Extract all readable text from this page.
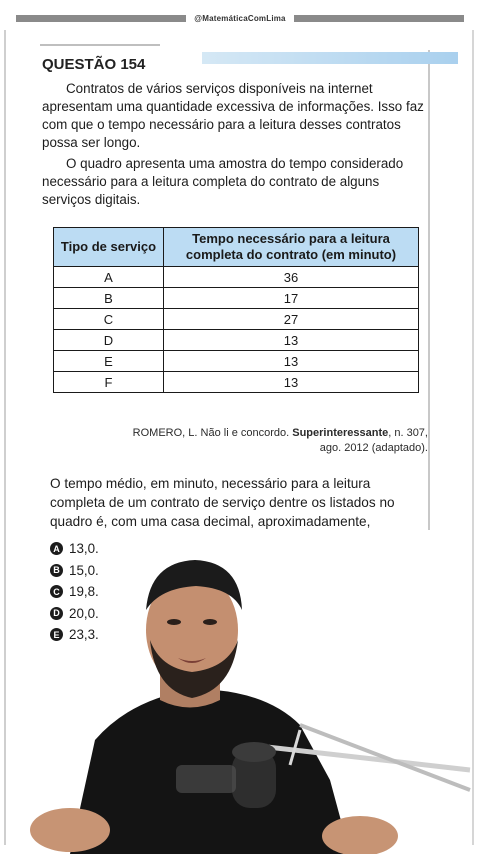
@MatemáticaComLima
QUESTÃO 154
Contratos de vários serviços disponíveis na internet apresentam uma quantidade excessiva de informações. Isso faz com que o tempo necessário para a leitura desses contratos possa ser longo.
O quadro apresenta uma amostra do tempo considerado necessário para a leitura completa do contrato de alguns serviços digitais.
Tipo de serviço	Tempo necessário para a leitura completa do contrato (em minuto)
A	36
B	17
C	27
D	13
E	13
F	13
ROMERO, L. Não li e concordo. Superinteressante, n. 307, ago. 2012 (adaptado).
O tempo médio, em minuto, necessário para a leitura completa de um contrato de serviço dentre os listados no quadro é, com uma casa decimal, aproximadamente,
A 13,0.
B 15,0.
C 19,8.
D 20,0.
E 23,3.
